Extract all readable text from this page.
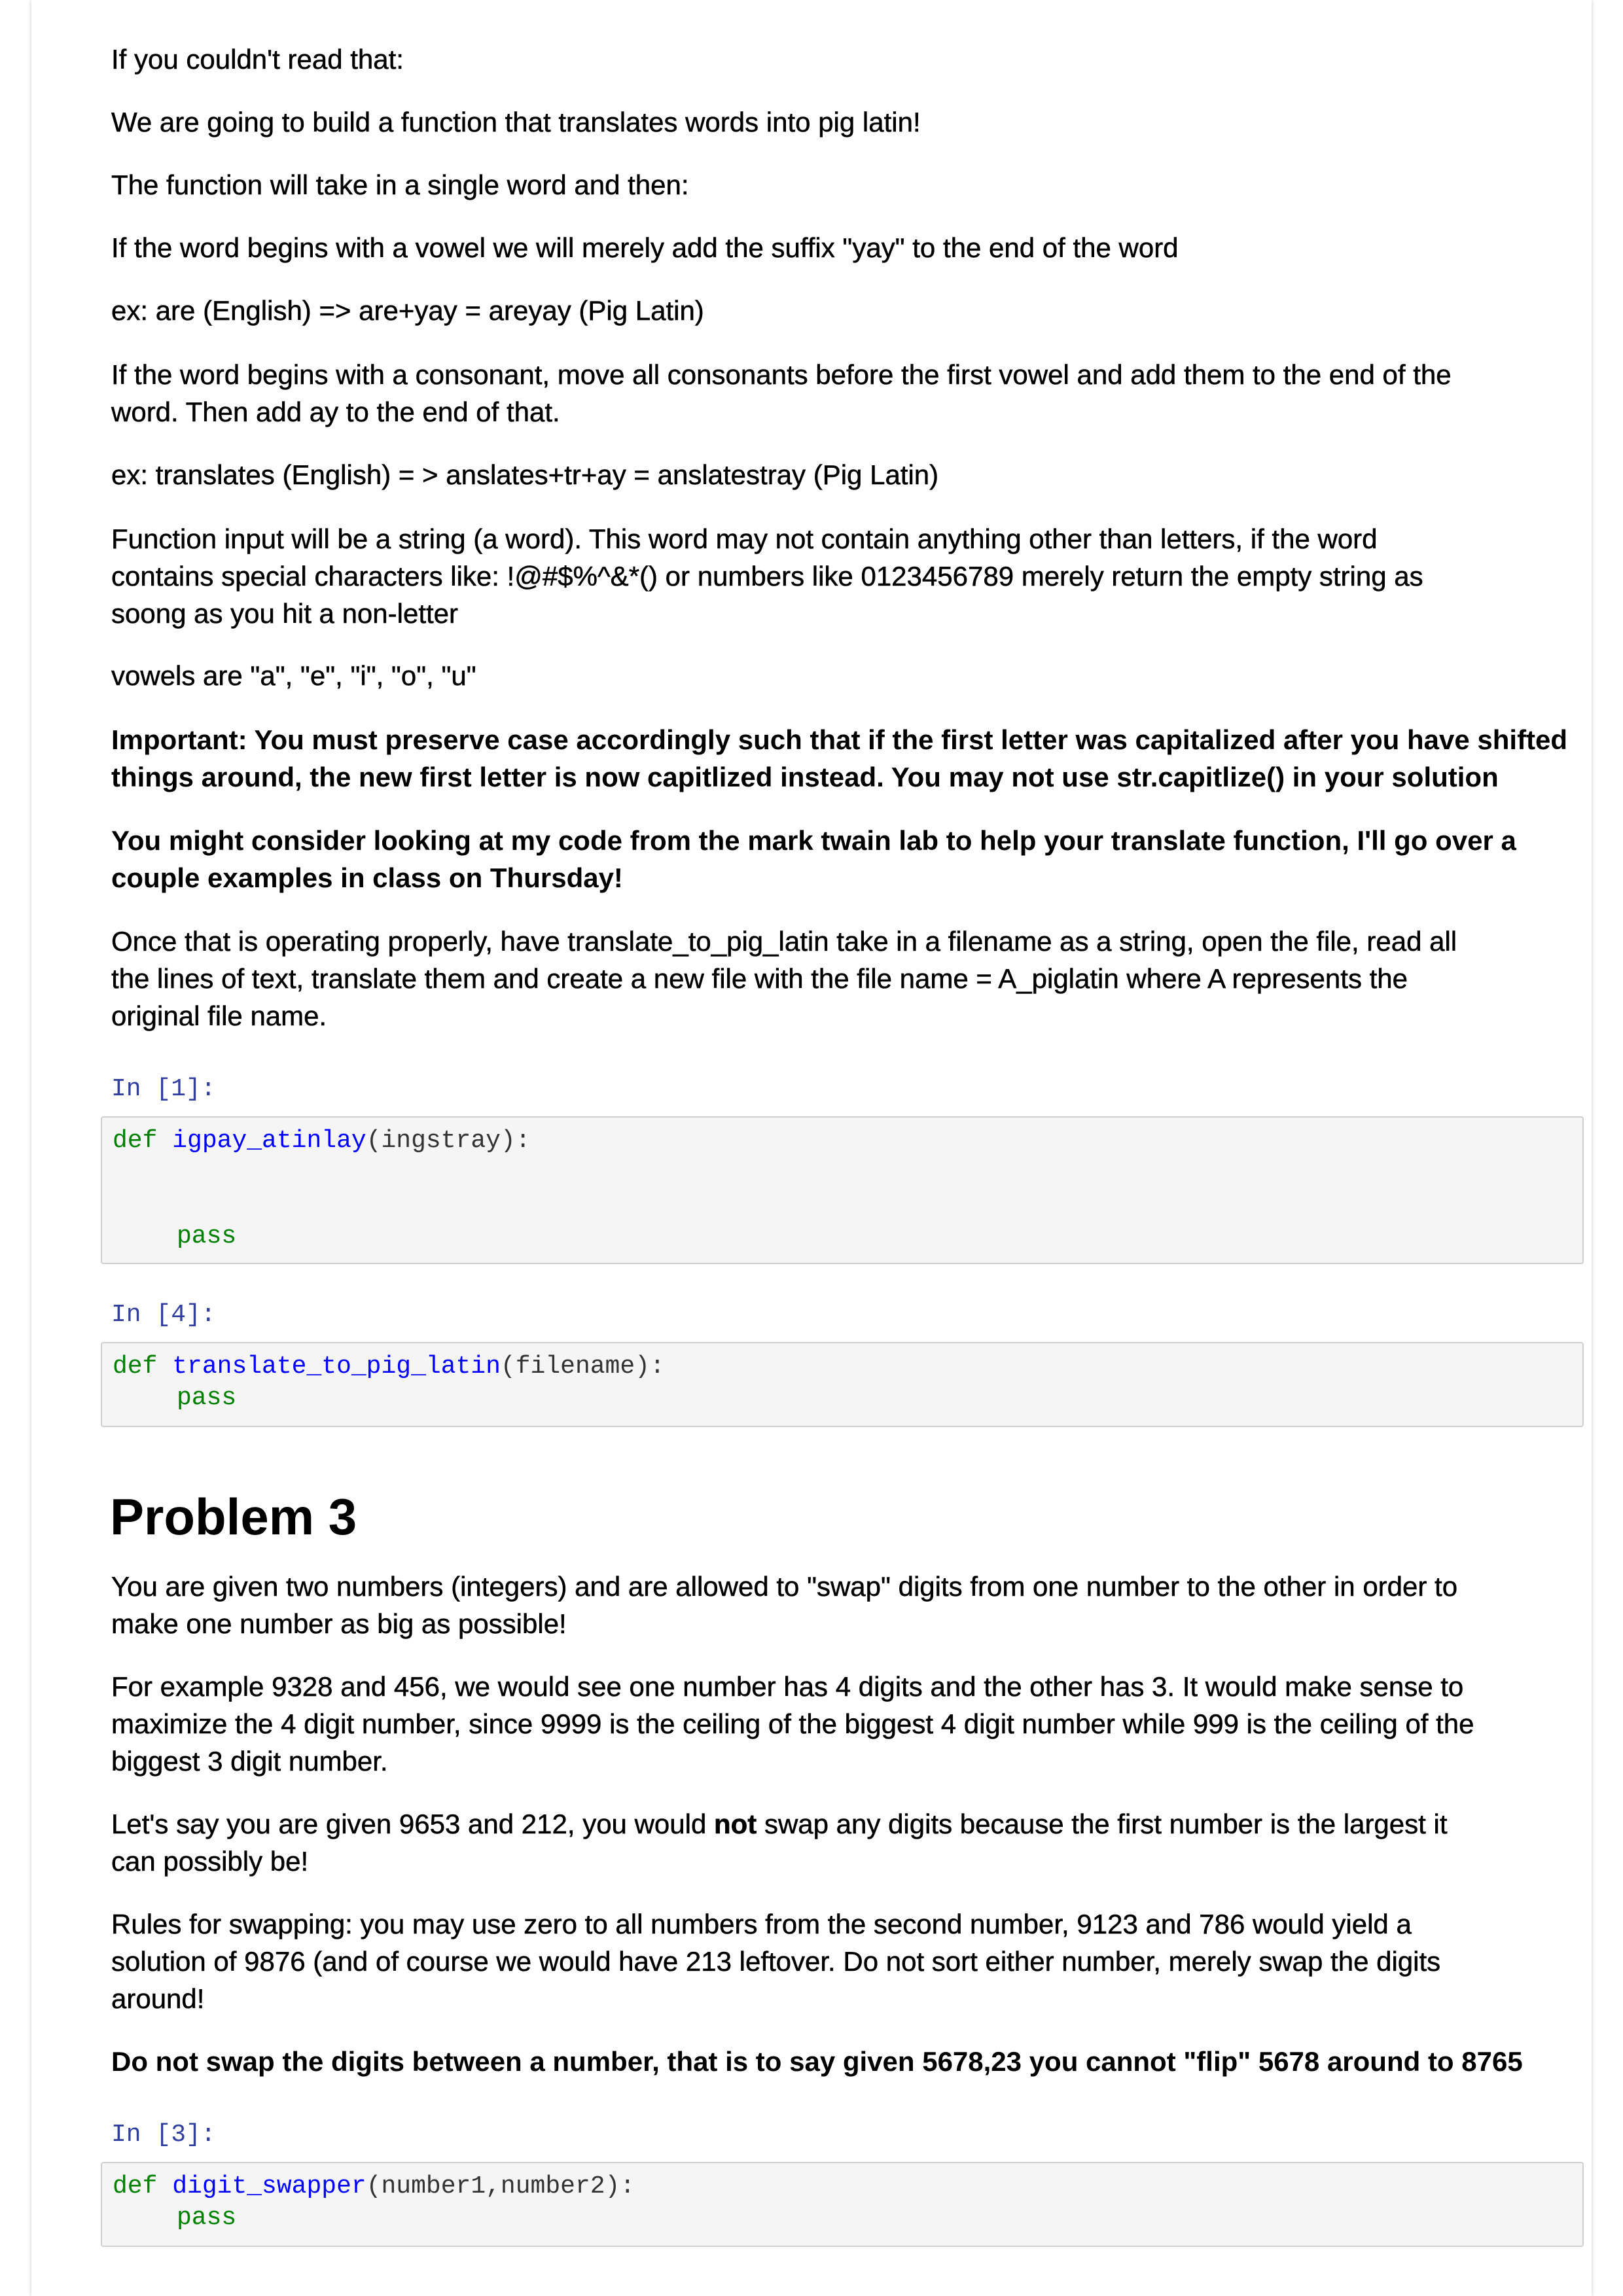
If you couldn't read that:
We are going to build a function that translates words into pig latin!
The function will take in a single word and then:
If the word begins with a vowel we will merely add the suffix "yay" to the end of the word
ex: are (English) => are+yay = areyay (Pig Latin)
If the word begins with a consonant, move all consonants before the first vowel and add them to the end of the
word. Then add ay to the end of that.
ex: translates (English) = > anslates+tr+ay = anslatestray (Pig Latin)
Function input will be a string (a word). This word may not contain anything other than letters, if the word
contains special characters like: !@#$%^&*() or numbers like 0123456789 merely return the empty string as
soong as you hit a non-letter
vowels are "a", "e", "i", "o", "u"
Important: You must preserve case accordingly such that if the first letter was capitalized after you have shifted
things around, the new first letter is now capitlized instead. You may not use str.capitlize() in your solution
You might consider looking at my code from the mark twain lab to help your translate function, I'll go over a
couple examples in class on Thursday!
Once that is operating properly, have translate_to_pig_latin take in a filename as a string, open the file, read all
the lines of text, translate them and create a new file with the file name = A_piglatin where A represents the
original file name.
In [1]:
def igpay_atinlay(ingstray):
pass
In [4]:
def translate_to_pig_latin(filename):
pass
Problem 3
You are given two numbers (integers) and are allowed to "swap" digits from one number to the other in order to
make one number as big as possible!
For example 9328 and 456, we would see one number has 4 digits and the other has 3. It would make sense to
maximize the 4 digit number, since 9999 is the ceiling of the biggest 4 digit number while 999 is the ceiling of the
biggest 3 digit number.
Let's say you are given 9653 and 212, you would not swap any digits because the first number is the largest it
can possibly be!
Rules for swapping: you may use zero to all numbers from the second number, 9123 and 786 would yield a
solution of 9876 (and of course we would have 213 leftover. Do not sort either number, merely swap the digits
around!
Do not swap the digits between a number, that is to say given 5678,23 you cannot "flip" 5678 around to 8765
In [3]:
def digit_swapper(number1,number2):
pass
